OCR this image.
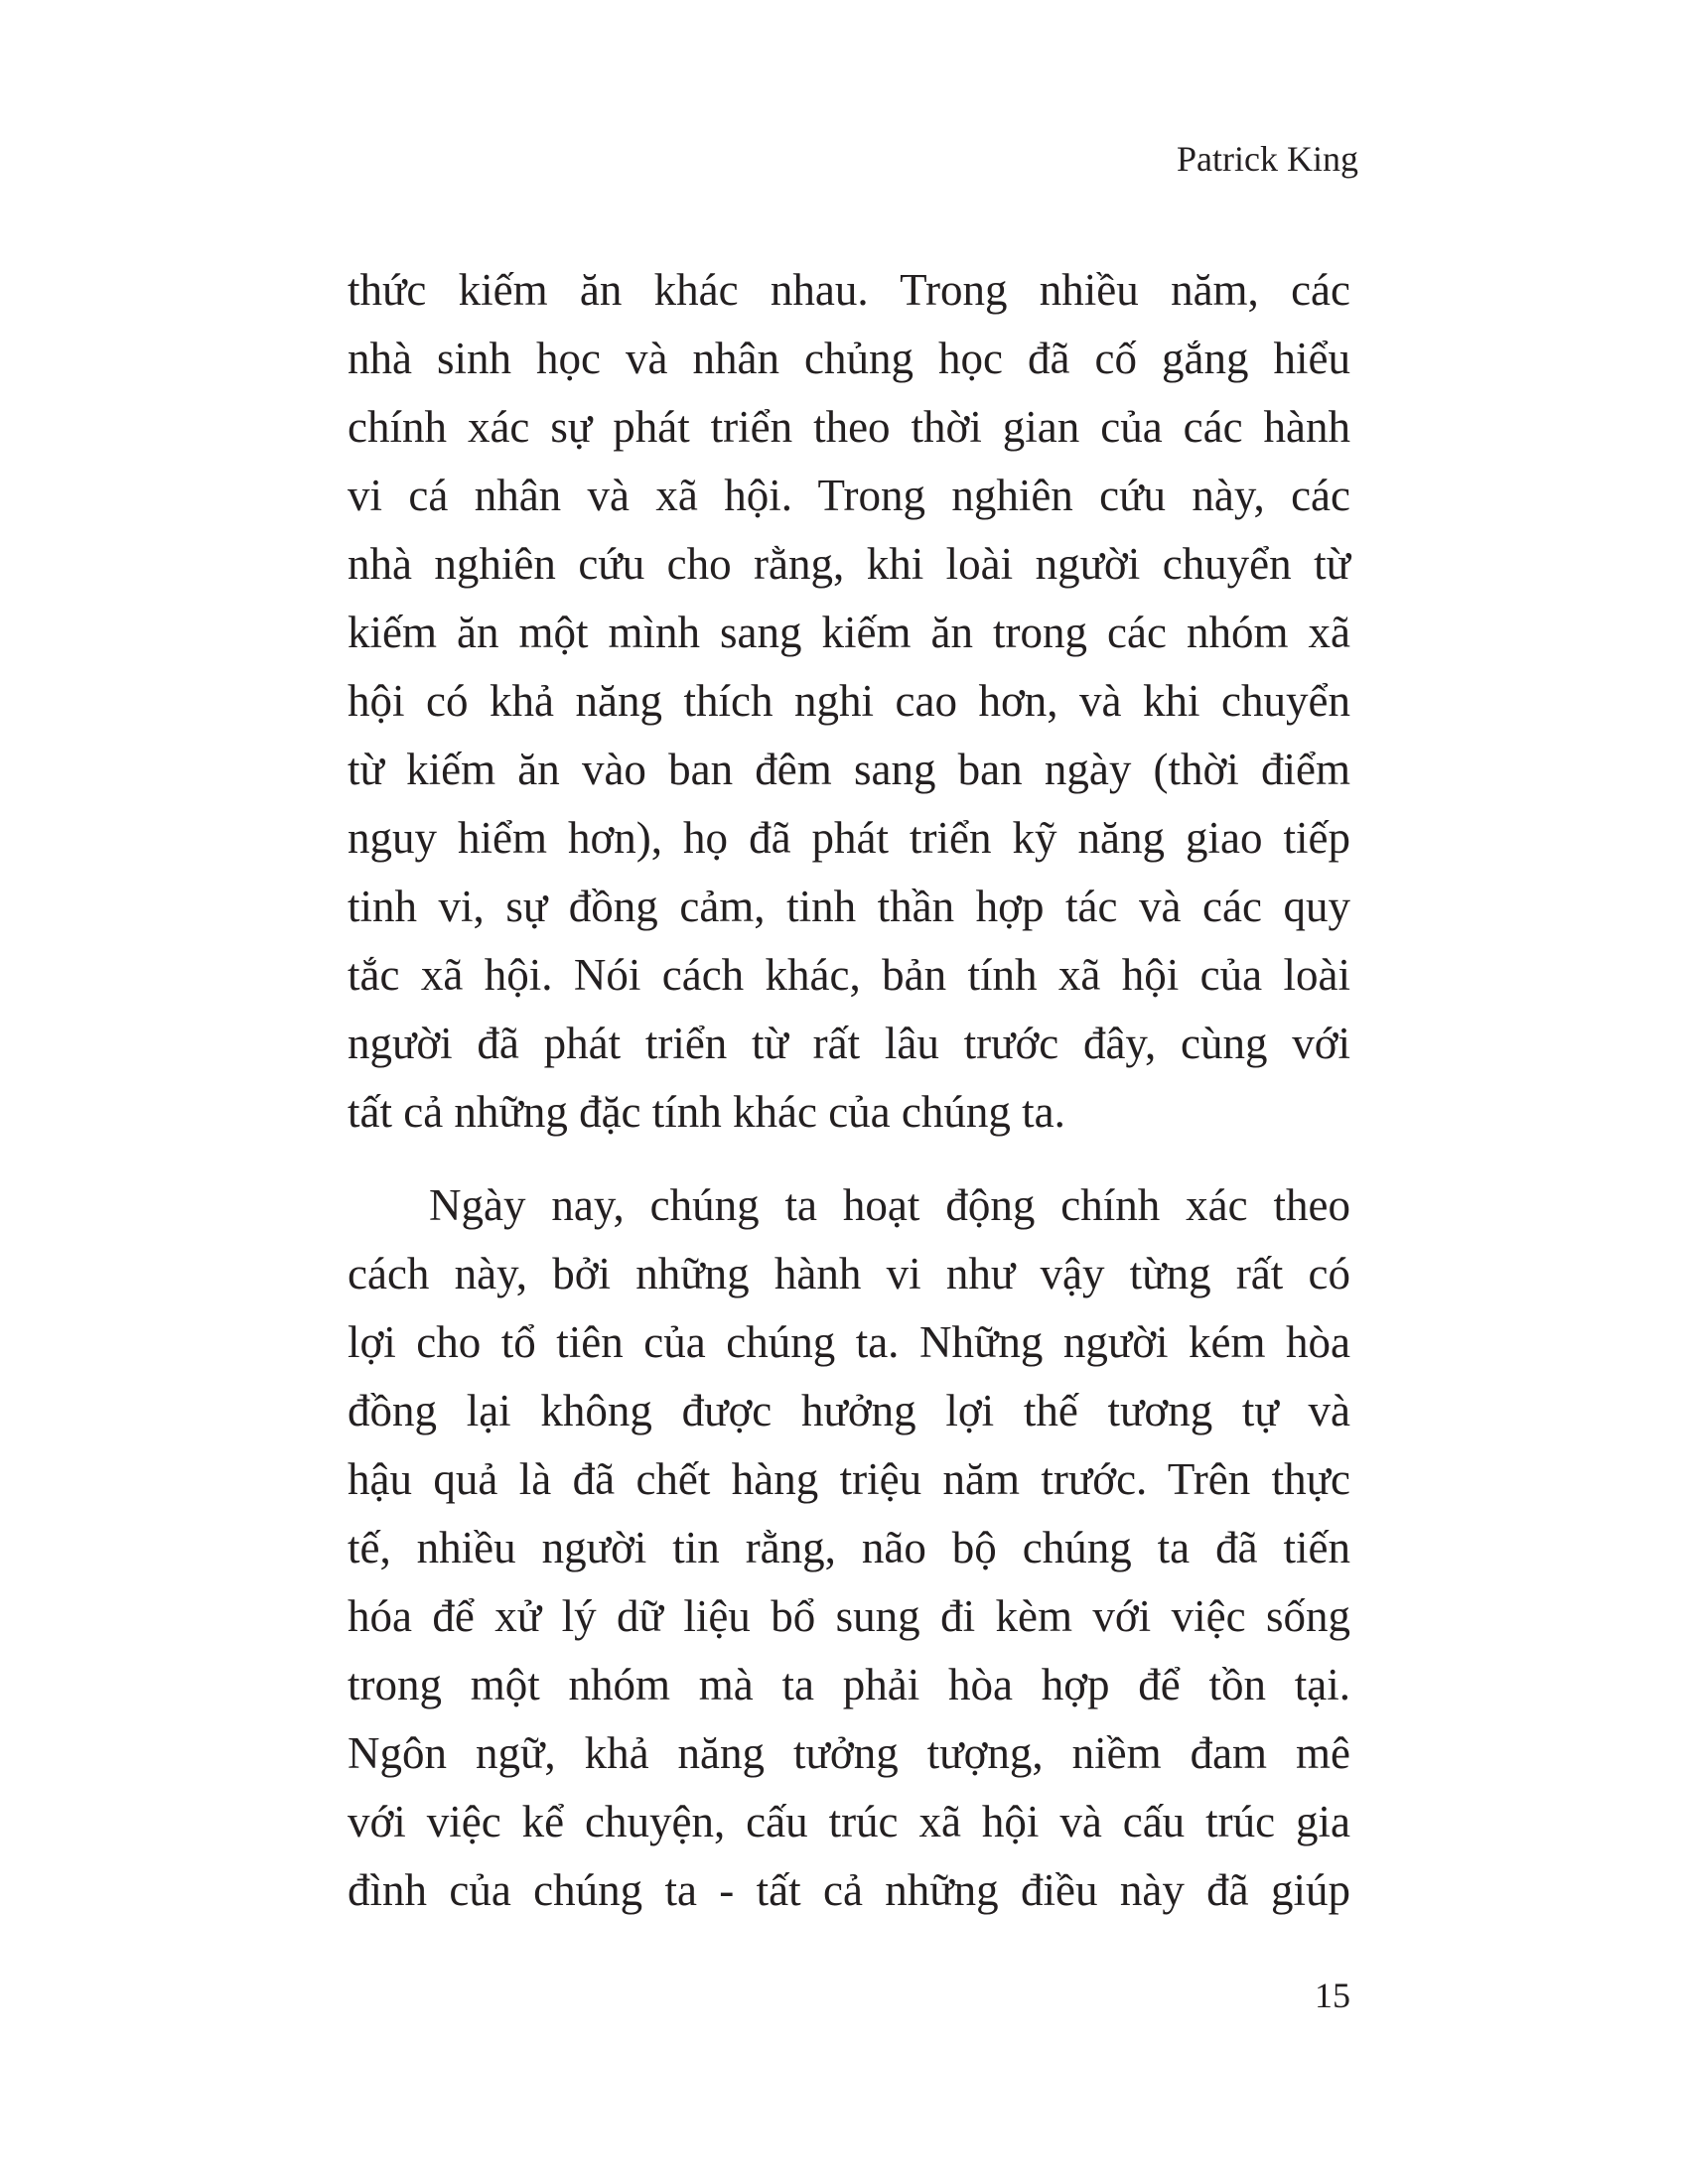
Patrick King

thức kiếm ăn khác nhau. Trong nhiều năm, các
nhà sinh học và nhân chủng học đã cố gắng hiểu
chính xác sự phát triển theo thời gian của các hành
vi cá nhân và xã hội. Trong nghiên cứu này, các
nhà nghiên cứu cho rằng, khi loài người chuyển từ
kiếm ăn một mình sang kiếm ăn trong các nhóm xã
hội có khả năng thích nghi cao hơn, và khi chuyển
từ kiếm ăn vào ban đêm sang ban ngày (thời điểm
nguy hiểm hơn), họ đã phát triển kỹ năng giao tiếp
tinh vi, sự đồng cảm, tinh thần hợp tác và các quy
tắc xã hội. Nói cách khác, bản tính xã hội của loài
người đã phát triển từ rất lâu trước đây, cùng với
tất cả những đặc tính khác của chúng ta.

Ngày nay, chúng ta hoạt động chính xác theo
cách này, bởi những hành vi như vậy từng rất có
lợi cho tổ tiên của chúng ta. Những người kém hòa
đồng lại không được hưởng lợi thế tương tự và
hậu quả là đã chết hàng triệu năm trước. Trên thực
tế, nhiều người tin rằng, não bộ chúng ta đã tiến
hóa để xử lý dữ liệu bổ sung đi kèm với việc sống
trong một nhóm mà ta phải hòa hợp để tồn tại.
Ngôn ngữ, khả năng tưởng tượng, niềm đam mê
với việc kể chuyện, cấu trúc xã hội và cấu trúc gia
đình của chúng ta - tất cả những điều này đã giúp

15
